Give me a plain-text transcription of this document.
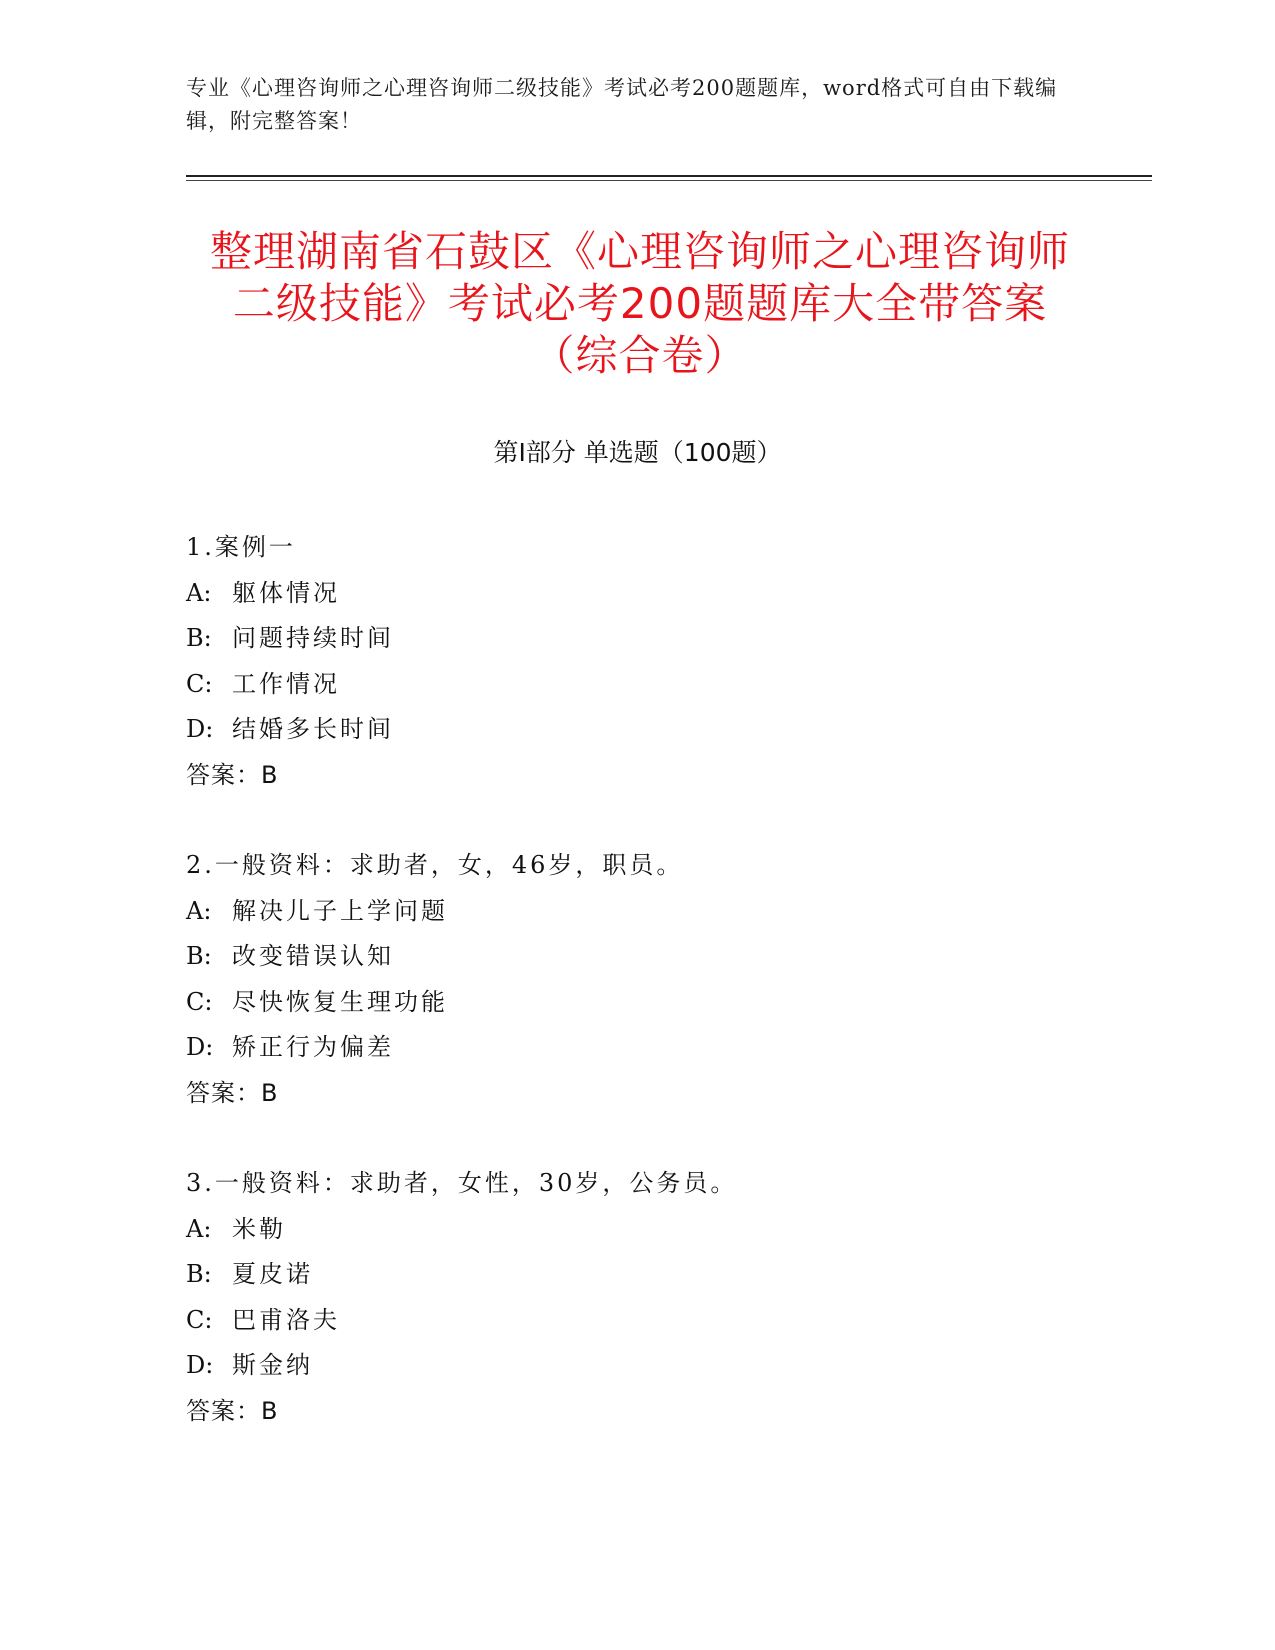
专业《心理咨询师之心理咨询师二级技能》考试必考200题题库，word格式可自由下载编辑，附完整答案！
整理湖南省石鼓区《心理咨询师之心理咨询师二级技能》考试必考200题题库大全带答案（综合卷）
第Ⅰ部分 单选题（100题）
1.案例一
A: 躯体情况
B: 问题持续时间
C: 工作情况
D: 结婚多长时间
答案：B
2.一般资料：求助者，女，46岁，职员。
A: 解决儿子上学问题
B: 改变错误认知
C: 尽快恢复生理功能
D: 矫正行为偏差
答案：B
3.一般资料：求助者，女性，30岁，公务员。
A: 米勒
B: 夏皮诺
C: 巴甫洛夫
D: 斯金纳
答案：B
